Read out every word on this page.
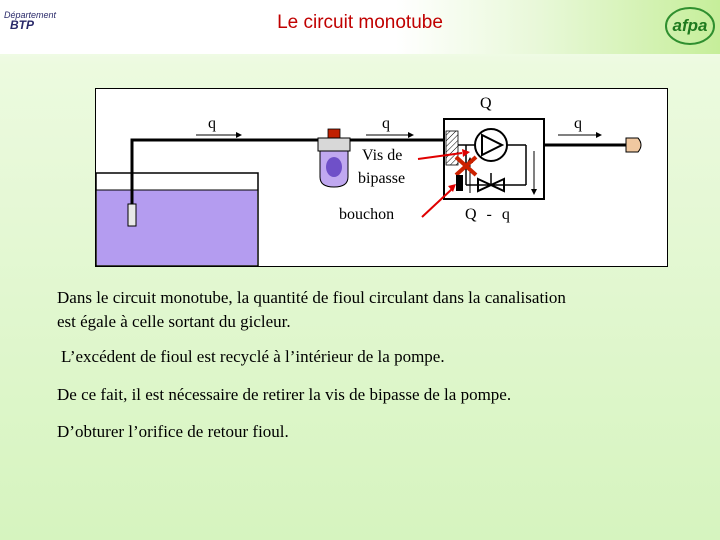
Département
BTP	Le circuit monotube	afpa
q	q
Q
q
Vis de
bipasse
bouchon	Q - q
Dans le circuit monotube, la quantité de fioul circulant dans la canalisation
est égale à celle sortant du gicleur.
L’excédent de fioul est recyclé à l’intérieur de la pompe.
De ce fait, il est nécessaire de retirer la vis de bipasse de la pompe.
D’obturer l’orifice de retour fioul.
